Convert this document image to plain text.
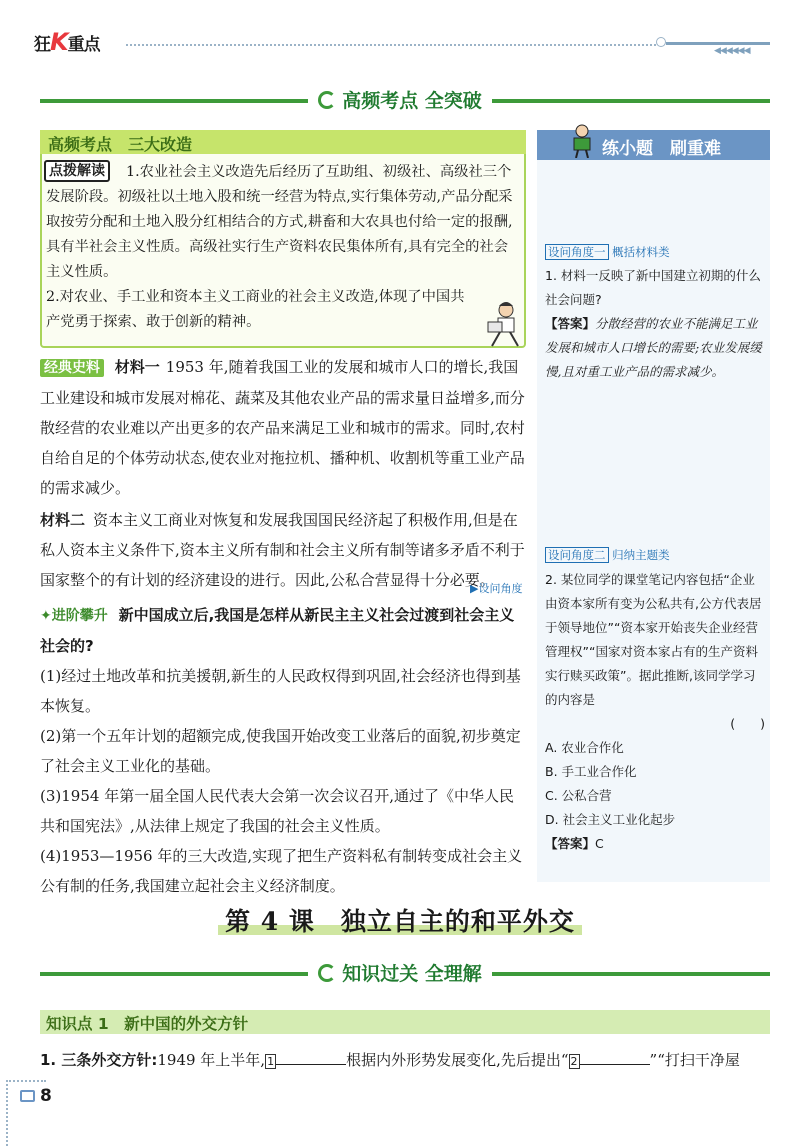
狂K重点	◀◀◀◀◀◀
高频考点 全突破
高频考点　三大改造

1.农业社会主义改造先后经历了互助组、初级社、高级社三个发展阶段。初级社以土地入股和统一经营为特点,实行集体劳动,产品分配采取按劳分配和土地入股分红相结合的方式,耕畜和大农具也付给一定的报酬,具有半社会主义性质。高级社实行生产资料农民集体所有,具有完全的社会主义性质。

2.对农业、手工业和资本主义工商业的社会主义改造,体现了中国共产党勇于探索、敢于创新的精神。

点拨解读

经典史料 材料一 1953 年,随着我国工业的发展和城市人口的增长,我国工业建设和城市发展对棉花、蔬菜及其他农业产品的需求量日益增多,而分散经营的农业难以产出更多的农产品来满足工业和城市的需求。同时,农村自给自足的个体劳动状态,使农业对拖拉机、播种机、收割机等重工业产品的需求减少。

材料二 资本主义工商业对恢复和发展我国国民经济起了积极作用,但是在私人资本主义条件下,资本主义所有制和社会主义所有制等诸多矛盾不利于国家整个的有计划的经济建设的进行。因此,公私合营显得十分必要。

▶设问角度

✦进阶攀升 新中国成立后,我国是怎样从新民主主义社会过渡到社会主义社会的?

(1)经过土地改革和抗美援朝,新生的人民政权得到巩固,社会经济也得到基本恢复。

(2)第一个五年计划的超额完成,使我国开始改变工业落后的面貌,初步奠定了社会主义工业化的基础。

(3)1954 年第一届全国人民代表大会第一次会议召开,通过了《中华人民共和国宪法》,从法律上规定了我国的社会主义性质。

(4)1953—1956 年的三大改造,实现了把生产资料私有制转变成社会主义公有制的任务,我国建立起社会主义经济制度。

练小题　刷重难
设问角度一 概括材料类

1. 材料一反映了新中国建立初期的什么社会问题?

【答案】分散经营的农业不能满足工业发展和城市人口增长的需要;农业发展缓慢,且对重工业产品的需求减少。

设问角度二 归纳主题类

2. 某位同学的课堂笔记内容包括“企业由资本家所有变为公私共有,公方代表居于领导地位”“资本家开始丧失企业经营管理权”“国家对资本家占有的生产资料实行赎买政策”。据此推断,该同学学习的内容是

(　　)

A. 农业合作化

B. 手工业合作化

C. 公私合营

D. 社会主义工业化起步

【答案】C

第 4 课　独立自主的和平外交
知识过关 全理解
知识点 1　新中国的外交方针
1. 三条外交方针:1949 年上半年, 1	根据内外形势发展变化,先后提出“ 2	”“打扫干净屋
8
